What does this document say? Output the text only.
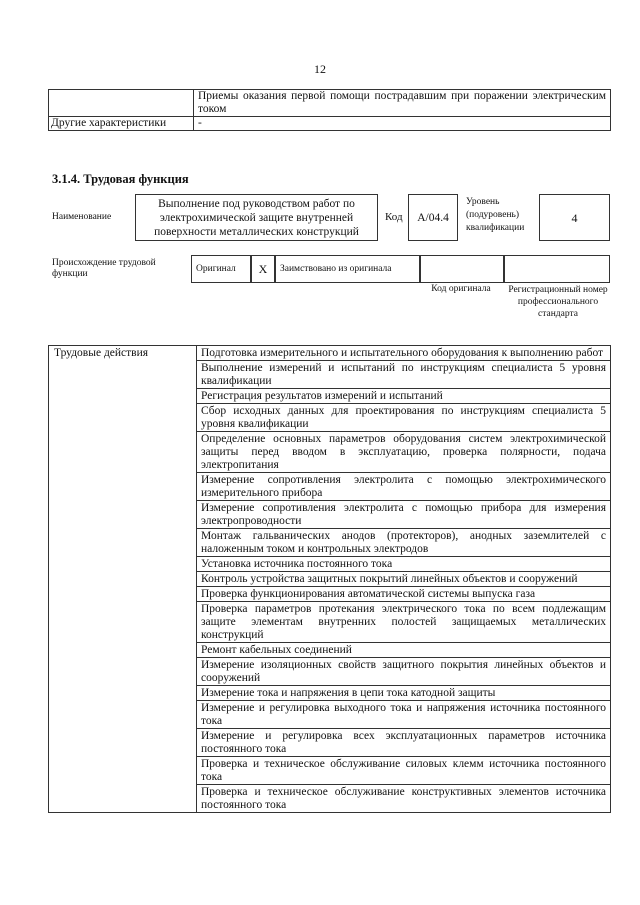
12
	Приемы оказания первой помощи пострадавшим при поражении электрическим током
Другие характеристики	-
3.1.4. Трудовая функция
Наименование
Выполнение под руководством работ по электрохимической защите внутренней поверхности металлических конструкций
Код	A/04.4
Уровень (подуровень) квалификации
4
Происхождение трудовой функции	Оригинал	X	Заимствовано из оригинала
Код оригинала	Регистрационный номер профессионального стандарта
Трудовые действия	Подготовка измерительного и испытательного оборудования к выполнению работ
Выполнение измерений и испытаний по инструкциям специалиста 5 уровня квалификации
Регистрация результатов измерений и испытаний
Сбор исходных данных для проектирования по инструкциям специалиста 5 уровня квалификации
Определение основных параметров оборудования систем электрохимической защиты перед вводом в эксплуатацию, проверка полярности, подача электропитания
Измерение сопротивления электролита с помощью электрохимического измерительного прибора
Измерение сопротивления электролита с помощью прибора для измерения электропроводности
Монтаж гальванических анодов (протекторов), анодных заземлителей с наложенным током и контрольных электродов
Установка источника постоянного тока
Контроль устройства защитных покрытий линейных объектов и сооружений
Проверка функционирования автоматической системы выпуска газа
Проверка параметров протекания электрического тока по всем подлежащим защите элементам внутренних полостей защищаемых металлических конструкций
Ремонт кабельных соединений
Измерение изоляционных свойств защитного покрытия линейных объектов и сооружений
Измерение тока и напряжения в цепи тока катодной защиты
Измерение и регулировка выходного тока и напряжения источника постоянного тока
Измерение и регулировка всех эксплуатационных параметров источника постоянного тока
Проверка и техническое обслуживание силовых клемм источника постоянного тока
Проверка и техническое обслуживание конструктивных элементов источника постоянного тока
